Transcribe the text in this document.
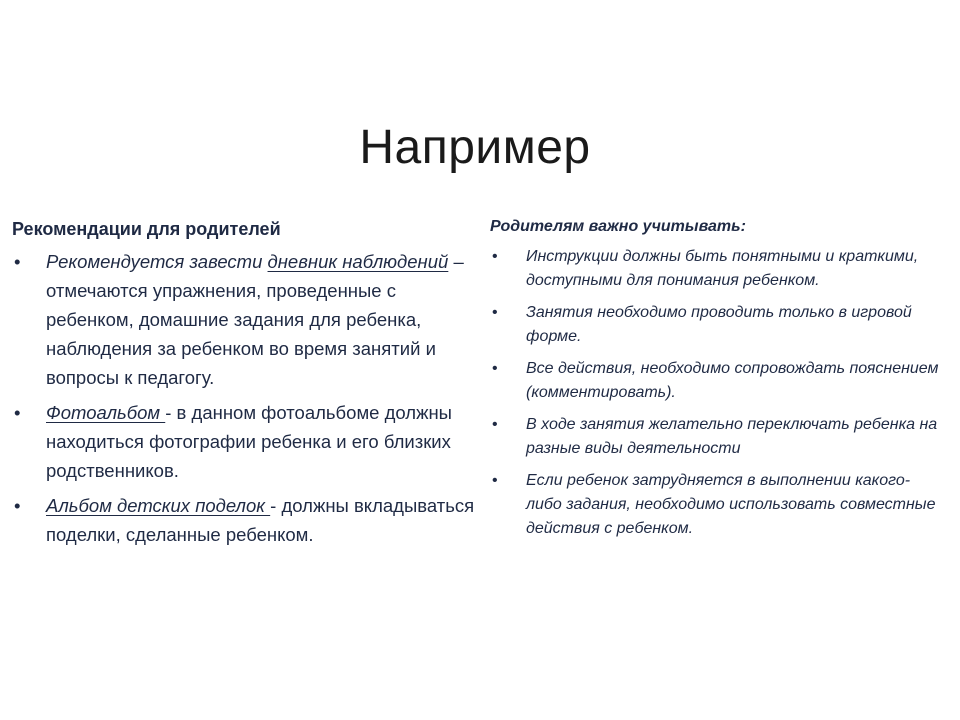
Например
Рекомендации для родителей
• Рекомендуется завести дневник наблюдений – отмечаются упражнения, проведенные с ребенком, домашние задания для ребенка, наблюдения за ребенком во время занятий и вопросы к педагогу.
• Фотоальбом - в данном фотоальбоме должны находиться фотографии ребенка и его близких родственников.
• Альбом детских поделок - должны вкладываться поделки, сделанные ребенком.
Родителям важно учитывать:
• Инструкции должны быть понятными и краткими, доступными для понимания ребенком.
• Занятия необходимо проводить только в игровой форме.
• Все действия, необходимо сопровождать пояснением (комментировать).
• В ходе занятия желательно переключать ребенка на разные виды деятельности
• Если ребенок затрудняется в выполнении какого-либо задания, необходимо использовать совместные действия с ребенком.
